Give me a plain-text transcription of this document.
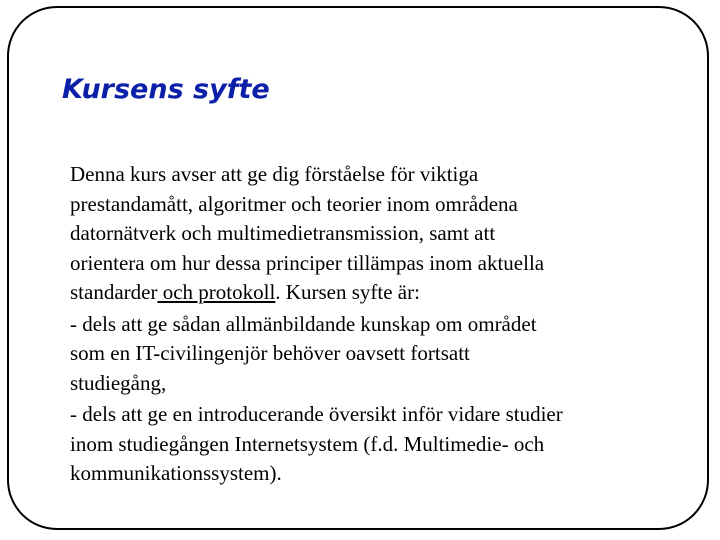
Kursens syfte
Denna kurs avser att ge dig förståelse för viktiga
prestandamått, algoritmer och teorier inom områdena
datornätverk och multimedietransmission, samt att
orientera om hur dessa principer tillämpas inom aktuella
standarder och protokoll. Kursen syfte är:
- dels att ge sådan allmänbildande kunskap om området
som en IT-civilingenjör behöver oavsett fortsatt
studiegång,
- dels att ge en introducerande översikt inför vidare studier
inom studiegången Internetsystem (f.d. Multimedie- och
kommunikationssystem).
